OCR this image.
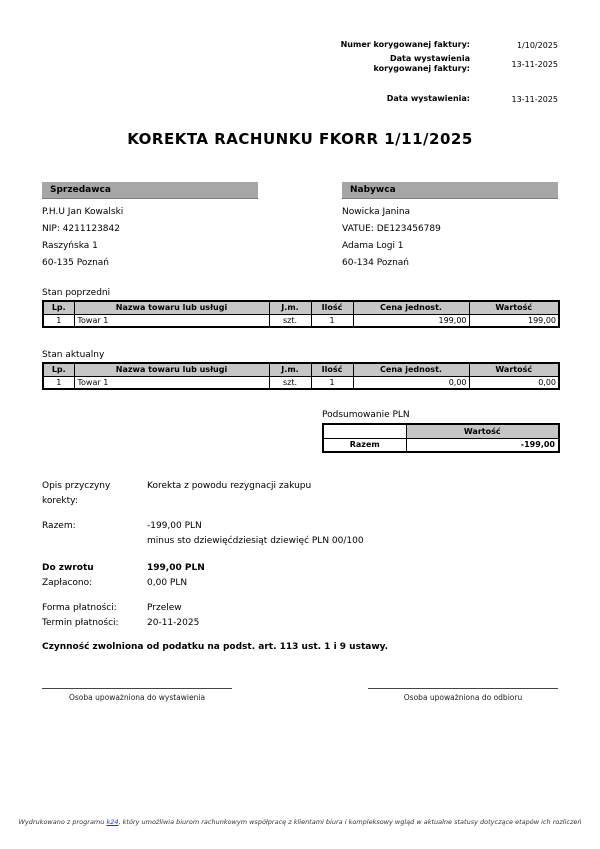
Numer korygowanej faktury:	1/10/2025
Data wystawienia korygowanej faktury:	13-11-2025
Data wystawienia:	13-11-2025
KOREKTA RACHUNKU FKORR 1/11/2025
Sprzedawca
P.H.U Jan Kowalski
NIP: 4211123842
Raszyńska 1
60-135 Poznań
Nabywca
Nowicka Janina
VATUE: DE123456789
Adama Logi 1
60-134 Poznań
Stan poprzedni
Lp.	Nazwa towaru lub usługi	J.m.	Ilość	Cena jednost.	Wartość
1	Towar 1	szt.	1	199,00	199,00
Stan aktualny
Lp.	Nazwa towaru lub usługi	J.m.	Ilość	Cena jednost.	Wartość
1	Towar 1	szt.	1	0,00	0,00
Podsumowanie PLN
	Wartość
Razem	-199,00
Opis przyczyny korekty:
Korekta z powodu rezygnacji zakupu
Razem:	-199,00 PLN
minus sto dziewięćdziesiąt dziewięć PLN 00/100
Do zwrotu	199,00 PLN
Zapłacono:	0,00 PLN
Forma płatności:	Przelew
Termin płatności:	20-11-2025
Czynność zwolniona od podatku na podst. art. 113 ust. 1 i 9 ustawy.
Osoba upoważniona do wystawienia	Osoba upoważniona do odbioru
Wydrukowano z programu k24, który umożliwia biurom rachunkowym współpracę z klientami biura i kompleksowy wgląd w aktualne statusy dotyczące etapów ich rozliczeń
